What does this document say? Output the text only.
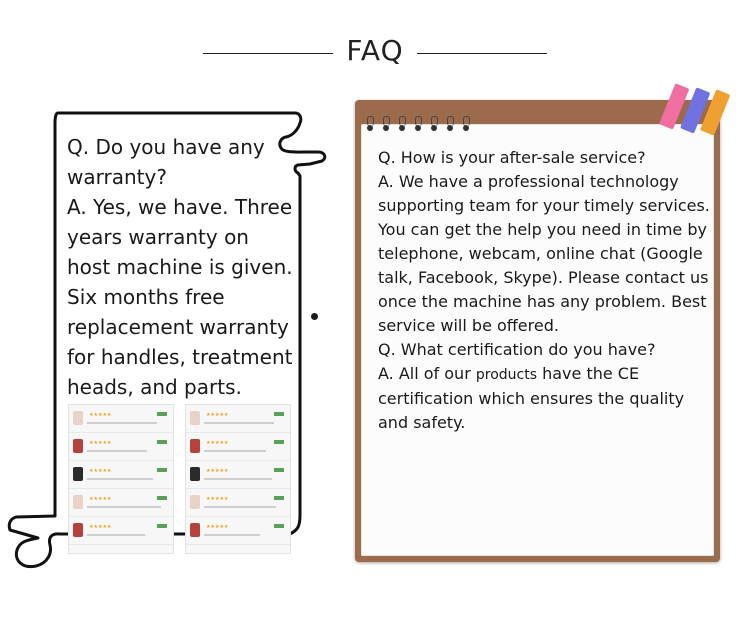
FAQ

Q. Do you have any warranty?

A. Yes, we have. Three years warranty on host machine is given. Six months free replacement warranty for handles, treatment heads, and parts.

★★★★★
★★★★★
★★★★★
★★★★★
★★★★★
★★★★★
★★★★★
★★★★★
★★★★★
★★★★★

Q. How is your after-sale service?

A. We have a professional technology supporting team for your timely services. You can get the help you need in time by telephone, webcam, online chat (Google talk, Facebook, Skype). Please contact us once the machine has any problem. Best service will be offered.

Q. What certification do you have?

A. All of our products have the CE certification which ensures the quality and safety.
